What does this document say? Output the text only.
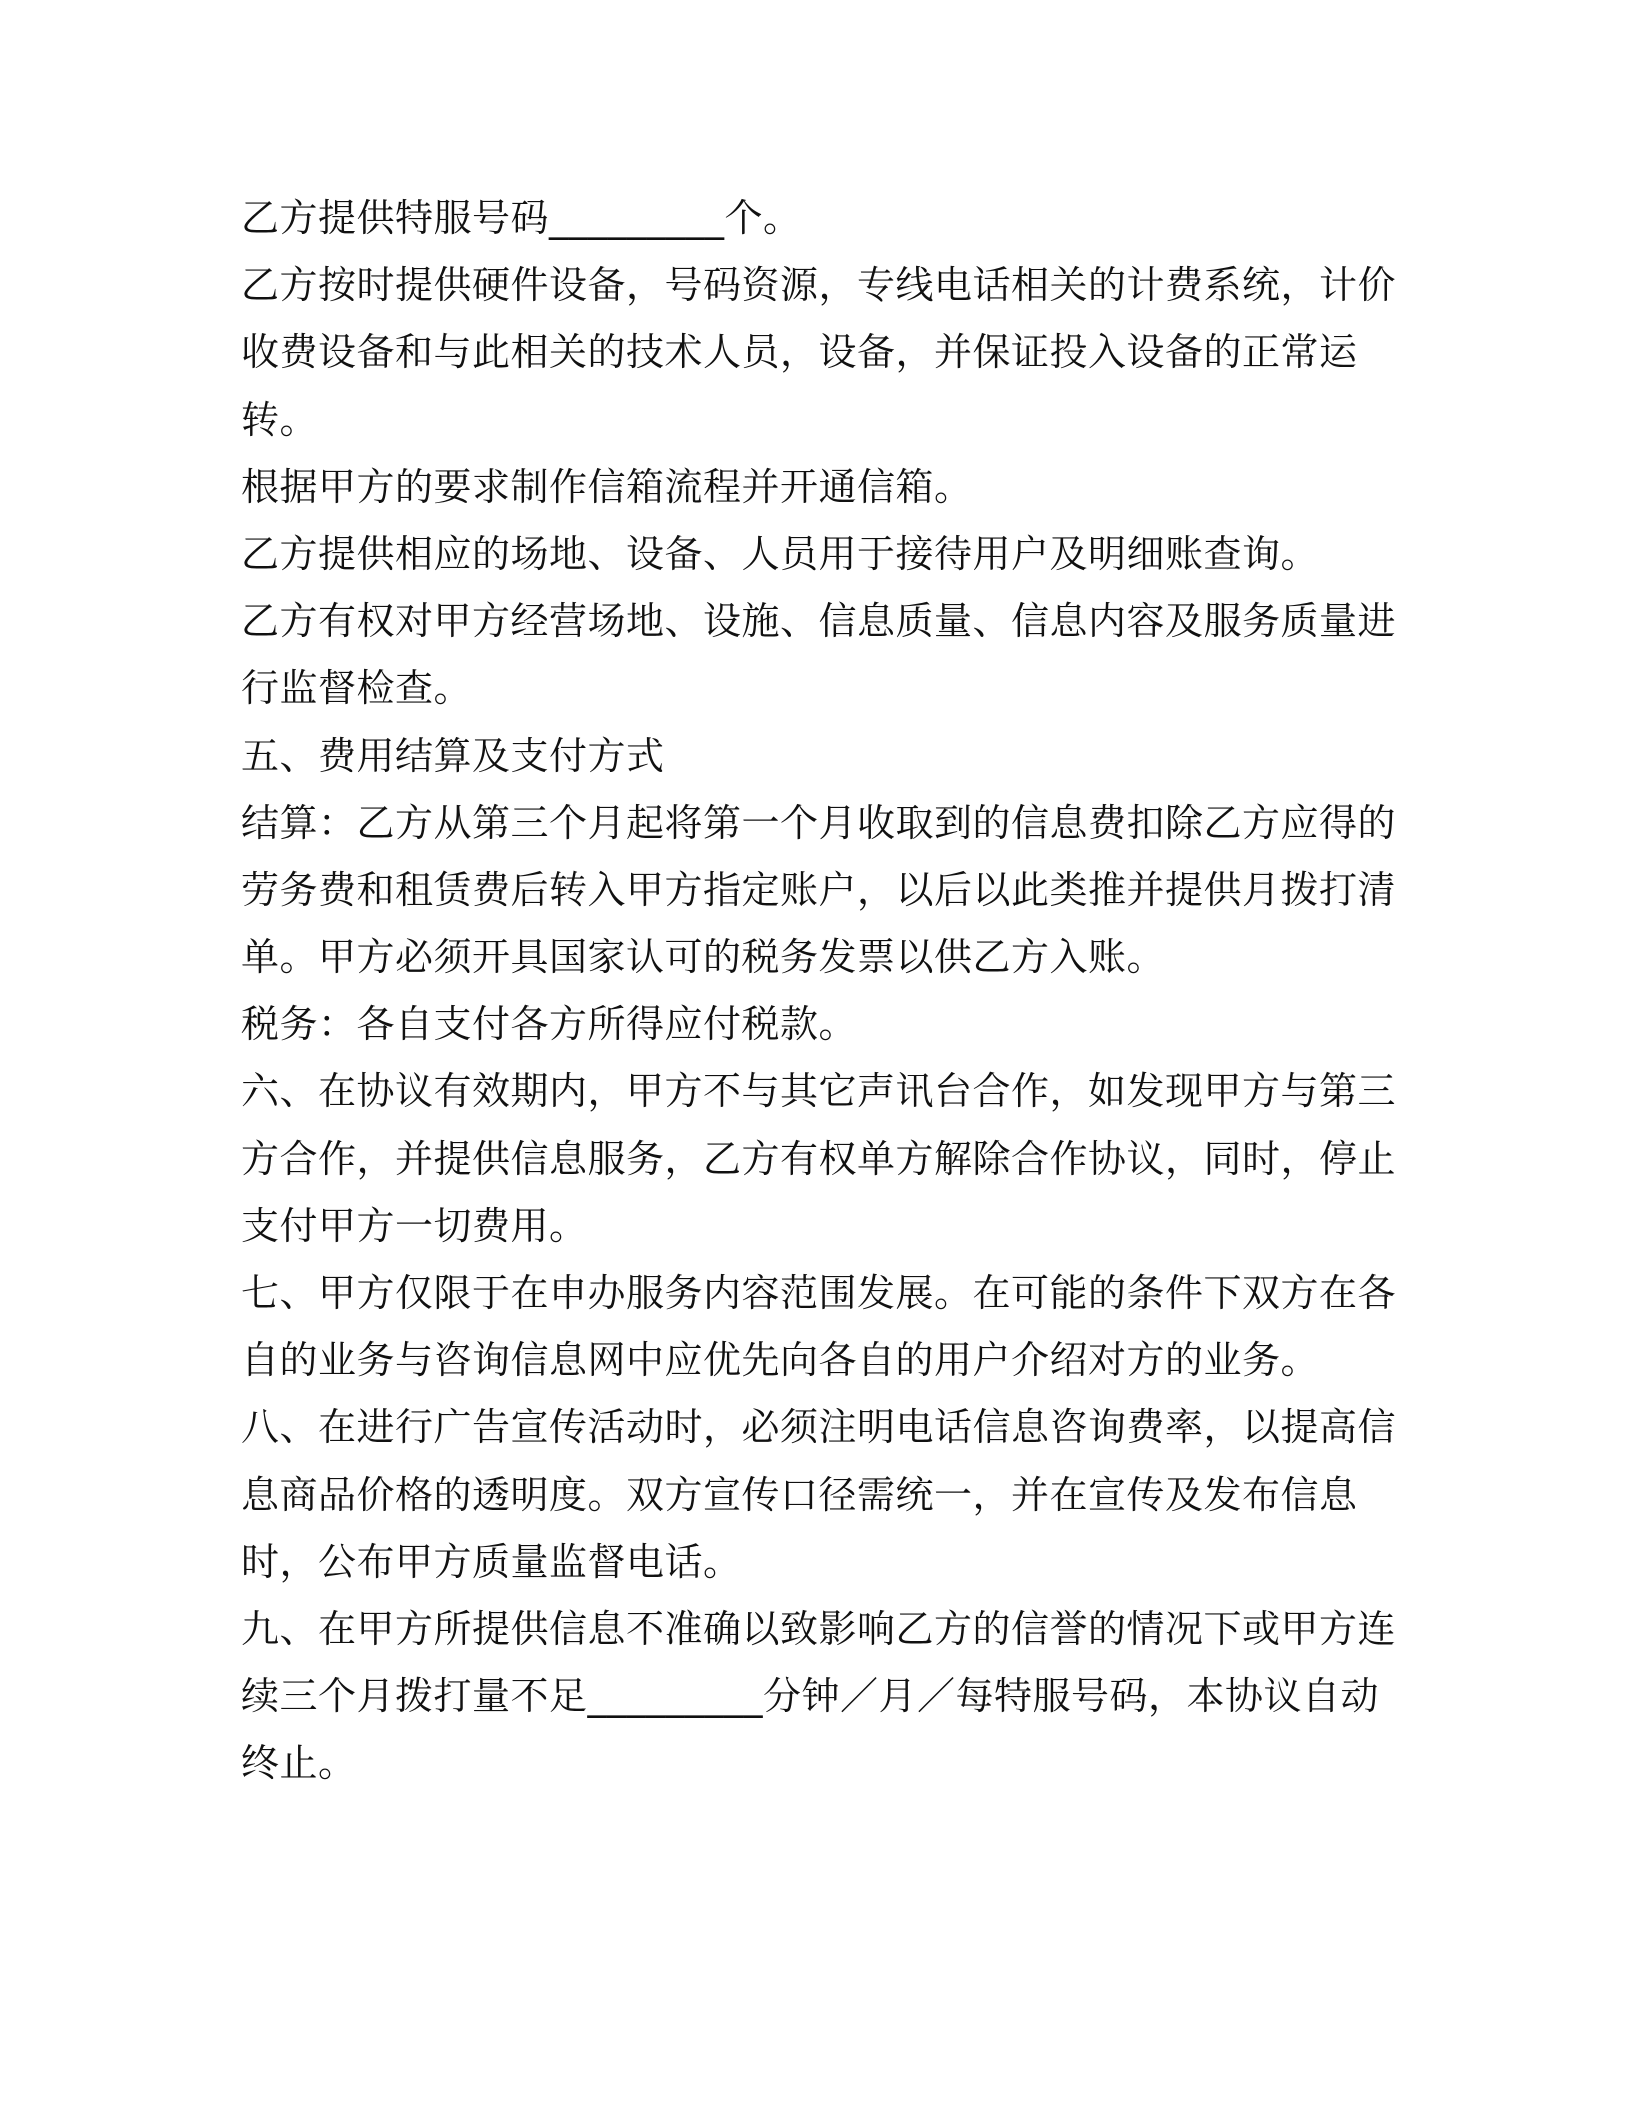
乙方提供特服号码_________个。
乙方按时提供硬件设备，号码资源，专线电话相关的计费系统，计价
收费设备和与此相关的技术人员，设备，并保证投入设备的正常运
转。
根据甲方的要求制作信箱流程并开通信箱。
乙方提供相应的场地、设备、人员用于接待用户及明细账查询。
乙方有权对甲方经营场地、设施、信息质量、信息内容及服务质量进
行监督检查。
五、费用结算及支付方式
结算：乙方从第三个月起将第一个月收取到的信息费扣除乙方应得的
劳务费和租赁费后转入甲方指定账户，以后以此类推并提供月拨打清
单。甲方必须开具国家认可的税务发票以供乙方入账。
税务：各自支付各方所得应付税款。
六、在协议有效期内，甲方不与其它声讯台合作，如发现甲方与第三
方合作，并提供信息服务，乙方有权单方解除合作协议，同时，停止
支付甲方一切费用。
七、甲方仅限于在申办服务内容范围发展。在可能的条件下双方在各
自的业务与咨询信息网中应优先向各自的用户介绍对方的业务。
八、在进行广告宣传活动时，必须注明电话信息咨询费率，以提高信
息商品价格的透明度。双方宣传口径需统一，并在宣传及发布信息
时，公布甲方质量监督电话。
九、在甲方所提供信息不准确以致影响乙方的信誉的情况下或甲方连
续三个月拨打量不足_________分钟／月／每特服号码，本协议自动
终止。
